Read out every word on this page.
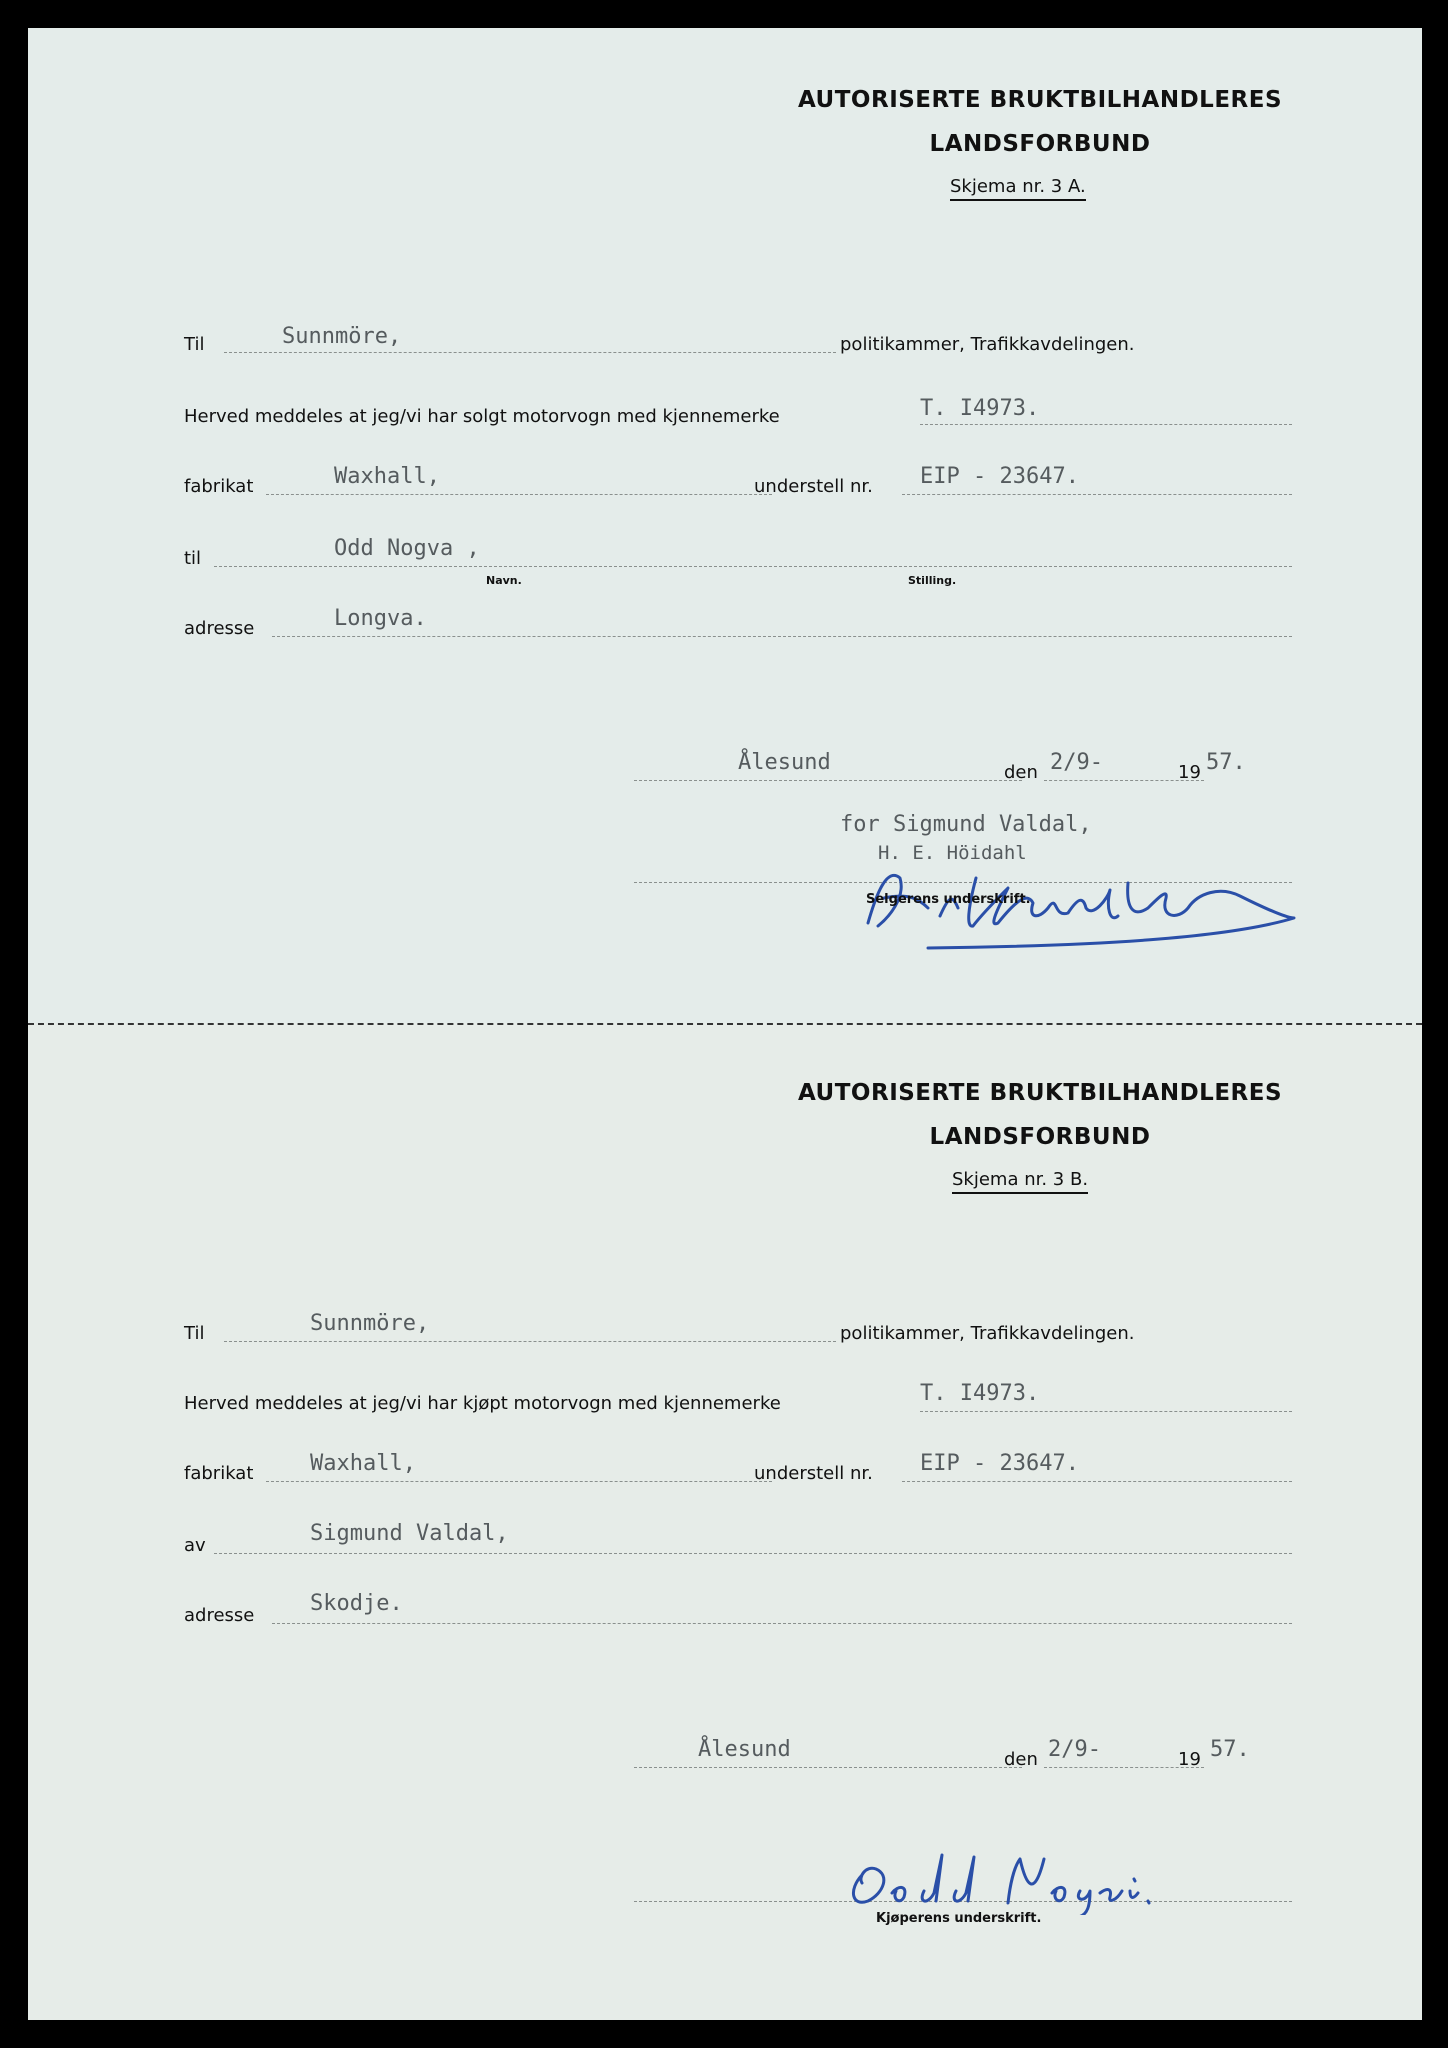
AUTORISERTE BRUKTBILHANDLERES
LANDSFORBUND
Skjema nr. 3 A.
Til	Sunnmöre,	politikammer, Trafikkavdelingen.
Herved meddeles at jeg/vi har solgt motorvogn med kjennemerke	T. I4973.
fabrikat	Waxhall,	understell nr. EIP - 23647.
til	Odd Nogva ,
Navn.	Stilling.
adresse	Longva.
Ålesund	den 2/9-	19 57.
for Sigmund Valdal,
H. E. Höidahl
Selgerens underskrift.
AUTORISERTE BRUKTBILHANDLERES
LANDSFORBUND
Skjema nr. 3 B.
Til	Sunnmöre,	politikammer, Trafikkavdelingen.
Herved meddeles at jeg/vi har kjøpt motorvogn med kjennemerke	T. I4973.
fabrikat	Waxhall,	understell nr. EIP - 23647.
av	Sigmund Valdal,
adresse	Skodje.
Ålesund	den 2/9-	19 57.
Kjøperens underskrift.
